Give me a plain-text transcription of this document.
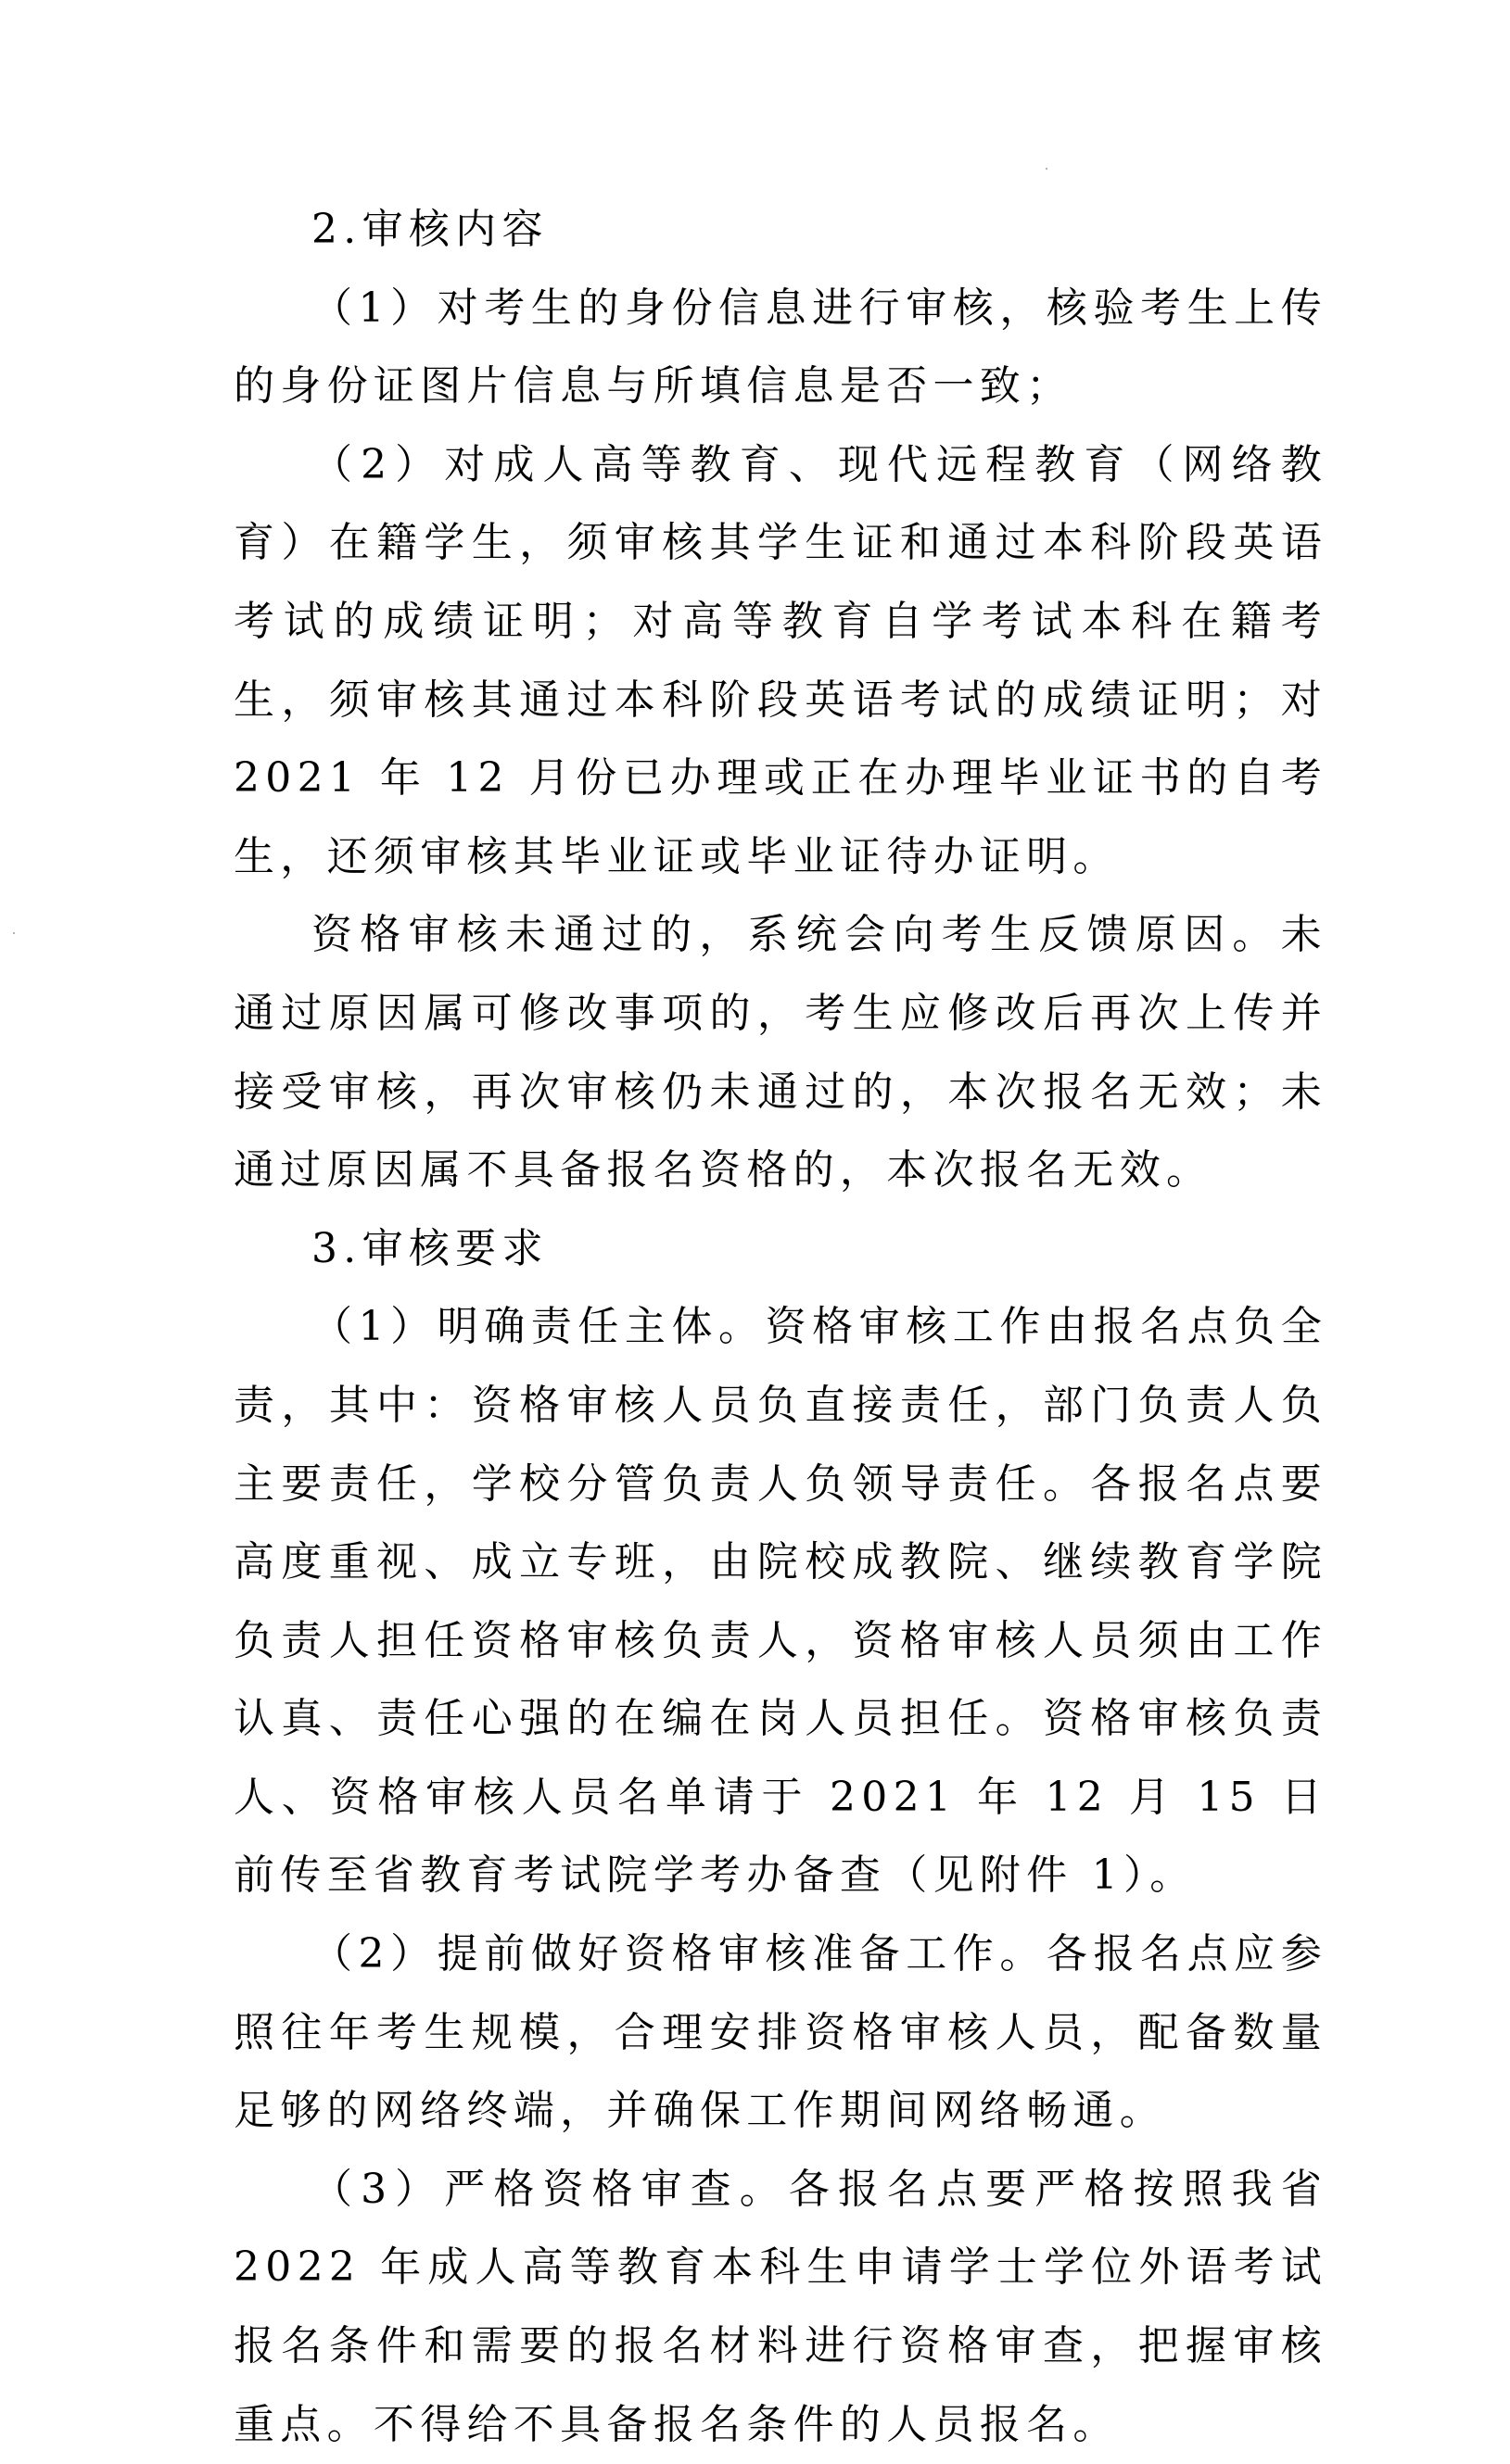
2.审核内容

（1）对考生的身份信息进行审核，核验考生上传的身份证图片信息与所填信息是否一致；

（2）对成人高等教育、现代远程教育（网络教育）在籍学生，须审核其学生证和通过本科阶段英语考试的成绩证明；对高等教育自学考试本科在籍考生，须审核其通过本科阶段英语考试的成绩证明；对 2021 年 12 月份已办理或正在办理毕业证书的自考生，还须审核其毕业证或毕业证待办证明。

资格审核未通过的，系统会向考生反馈原因。未通过原因属可修改事项的，考生应修改后再次上传并接受审核，再次审核仍未通过的，本次报名无效；未通过原因属不具备报名资格的，本次报名无效。

3.审核要求

（1）明确责任主体。资格审核工作由报名点负全责，其中：资格审核人员负直接责任，部门负责人负主要责任，学校分管负责人负领导责任。各报名点要高度重视、成立专班，由院校成教院、继续教育学院负责人担任资格审核负责人，资格审核人员须由工作认真、责任心强的在编在岗人员担任。资格审核负责人、资格审核人员名单请于 2021 年 12 月 15 日前传至省教育考试院学考办备查（见附件 1）。

（2）提前做好资格审核准备工作。各报名点应参照往年考生规模，合理安排资格审核人员，配备数量足够的网络终端，并确保工作期间网络畅通。

（3）严格资格审查。各报名点要严格按照我省 2022 年成人高等教育本科生申请学士学位外语考试报名条件和需要的报名材料进行资格审查，把握审核重点。不得给不具备报名条件的人员报名。
